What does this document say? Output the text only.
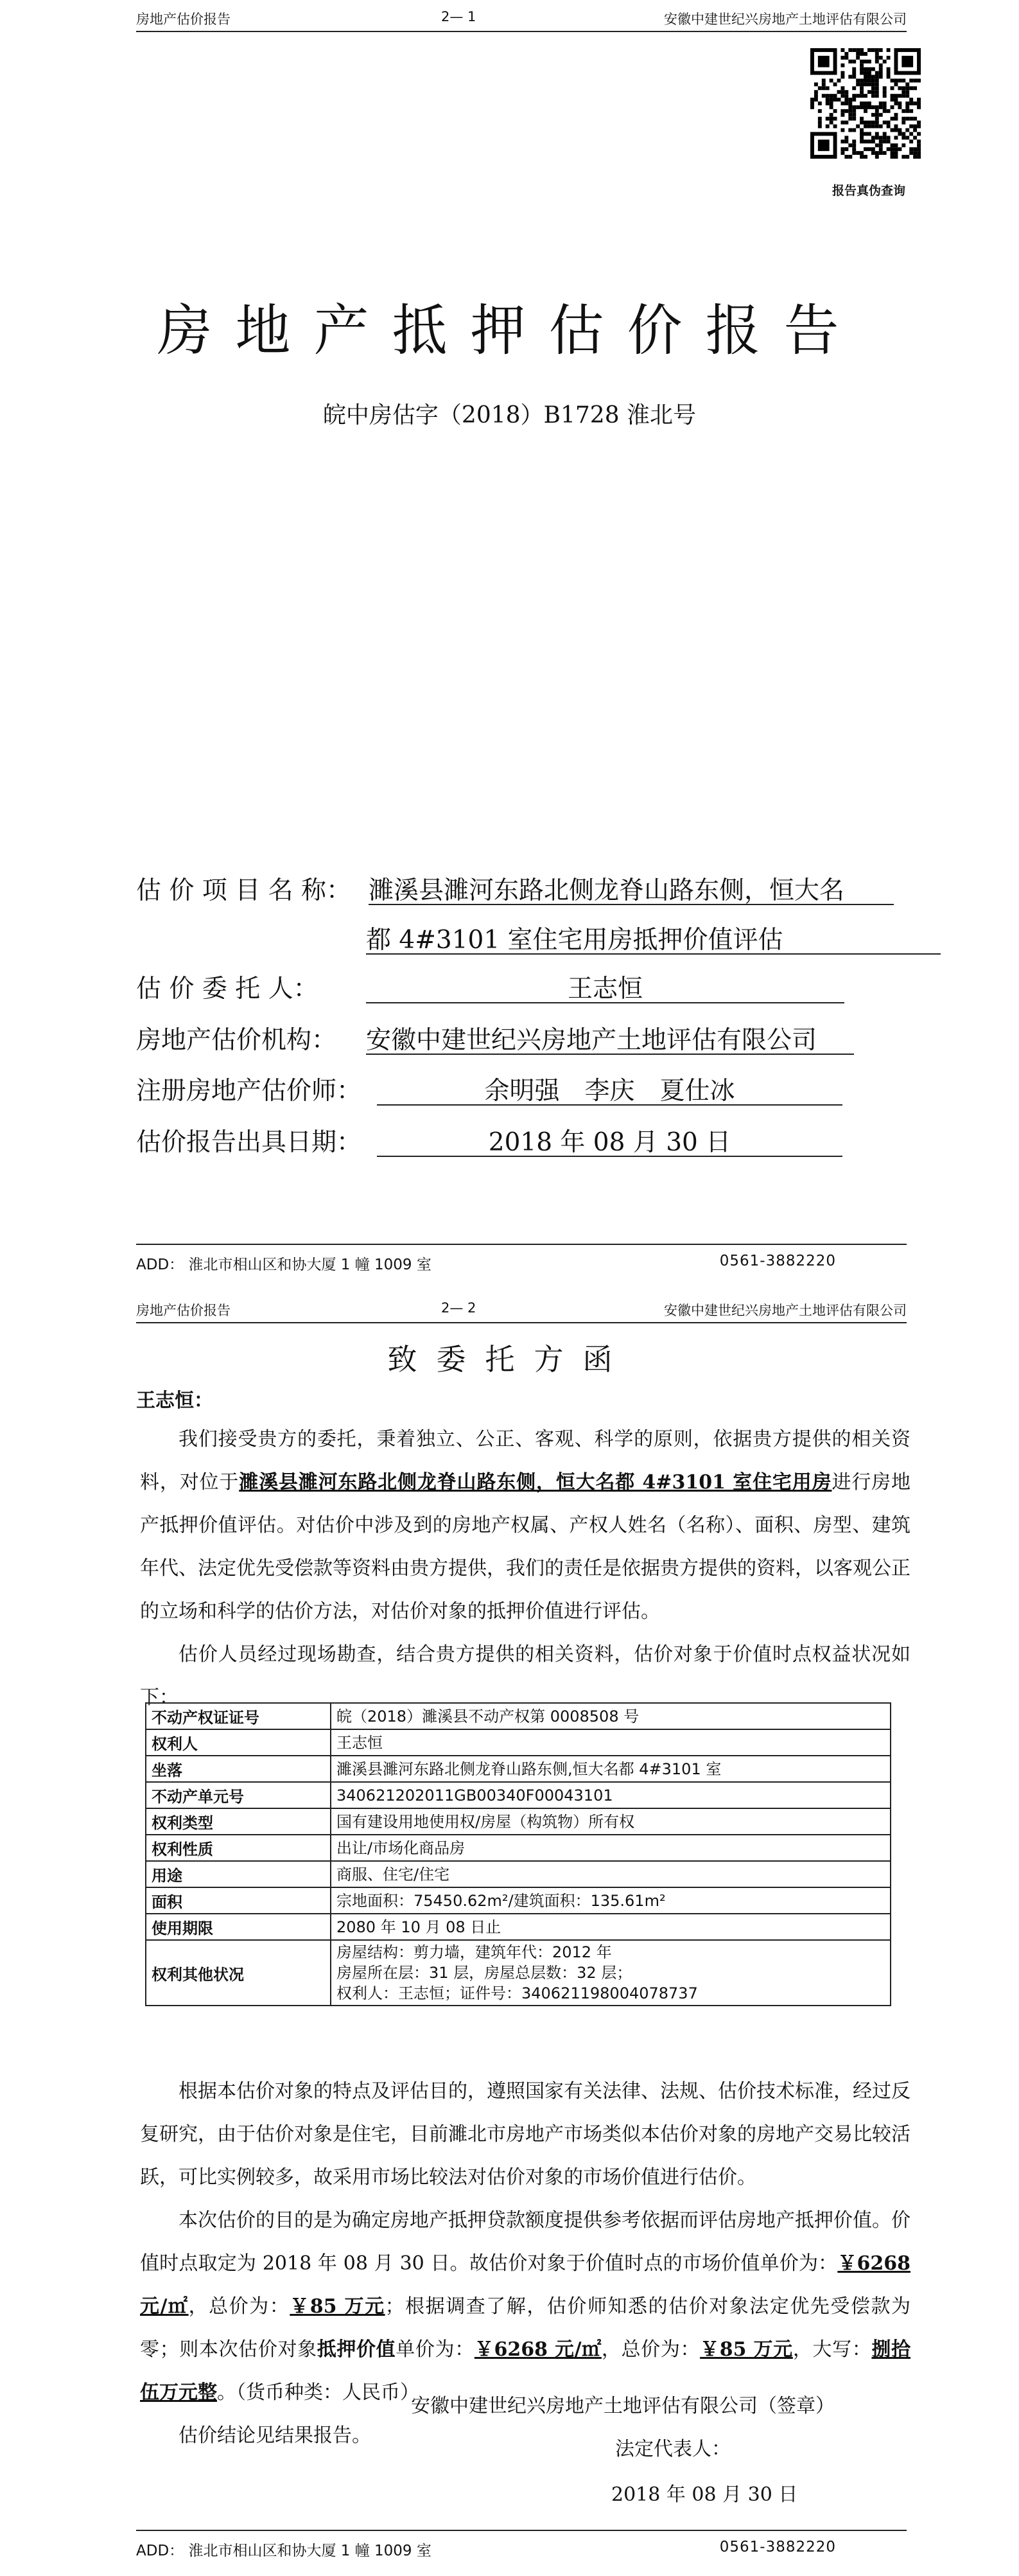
房地产估价报告	2— 1	安徽中建世纪兴房地产土地评估有限公司
报告真伪查询
房地产抵押估价报告
皖中房估字（2018）B1728 淮北号
估 价 项 目 名 称： 濉溪县濉河东路北侧龙脊山路东侧，恒大名
都 4#3101 室住宅用房抵押价值评估
估 价 委 托 人：	王志恒
房地产估价机构： 安徽中建世纪兴房地产土地评估有限公司
注册房地产估价师：	余明强　李庆　夏仕冰
估价报告出具日期：	2018 年 08 月 30 日
ADD： 淮北市相山区和协大厦 1 幢 1009 室	0561-3882220
房地产估价报告	2— 2	安徽中建世纪兴房地产土地评估有限公司
致委托方函
王志恒：

我们接受贵方的委托，秉着独立、公正、客观、科学的原则，依据贵方提供的相关资料，对位于濉溪县濉河东路北侧龙脊山路东侧，恒大名都 4#3101 室住宅用房进行房地产抵押价值评估。对估价中涉及到的房地产权属、产权人姓名（名称）、面积、房型、建筑年代、法定优先受偿款等资料由贵方提供，我们的责任是依据贵方提供的资料，以客观公正的立场和科学的估价方法，对估价对象的抵押价值进行评估。

估价人员经过现场勘查，结合贵方提供的相关资料，估价对象于价值时点权益状况如下：

不动产权证证号	皖（2018）濉溪县不动产权第 0008508 号

权利人	王志恒

坐落	濉溪县濉河东路北侧龙脊山路东侧,恒大名都 4#3101 室

不动产单元号	340621202011GB00340F00043101

权利类型	国有建设用地使用权/房屋（构筑物）所有权

权利性质	出让/市场化商品房

用途	商服、住宅/住宅

面积	宗地面积：75450.62m²/建筑面积：135.61m²

使用期限	2080 年 10 月 08 日止

权利其他状况	房屋结构：剪力墙，建筑年代：2012 年
房屋所在层：31 层，房屋总层数：32 层；
权利人：王志恒；证件号：340621198004078737

根据本估价对象的特点及评估目的，遵照国家有关法律、法规、估价技术标准，经过反复研究，由于估价对象是住宅，目前濉北市房地产市场类似本估价对象的房地产交易比较活跃，可比实例较多，故采用市场比较法对估价对象的市场价值进行估价。

本次估价的目的是为确定房地产抵押贷款额度提供参考依据而评估房地产抵押价值。价值时点取定为 2018 年 08 月 30 日。故估价对象于价值时点的市场价值单价为：￥6268 元/㎡，总价为：￥85 万元；根据调查了解，估价师知悉的估价对象法定优先受偿款为零；则本次估价对象抵押价值单价为：￥6268 元/㎡，总价为：￥85 万元，大写：捌拾伍万元整。（货币种类：人民币）

估价结论见结果报告。

安徽中建世纪兴房地产土地评估有限公司（签章）
法定代表人：
2018 年 08 月 30 日
ADD： 淮北市相山区和协大厦 1 幢 1009 室	0561-3882220
